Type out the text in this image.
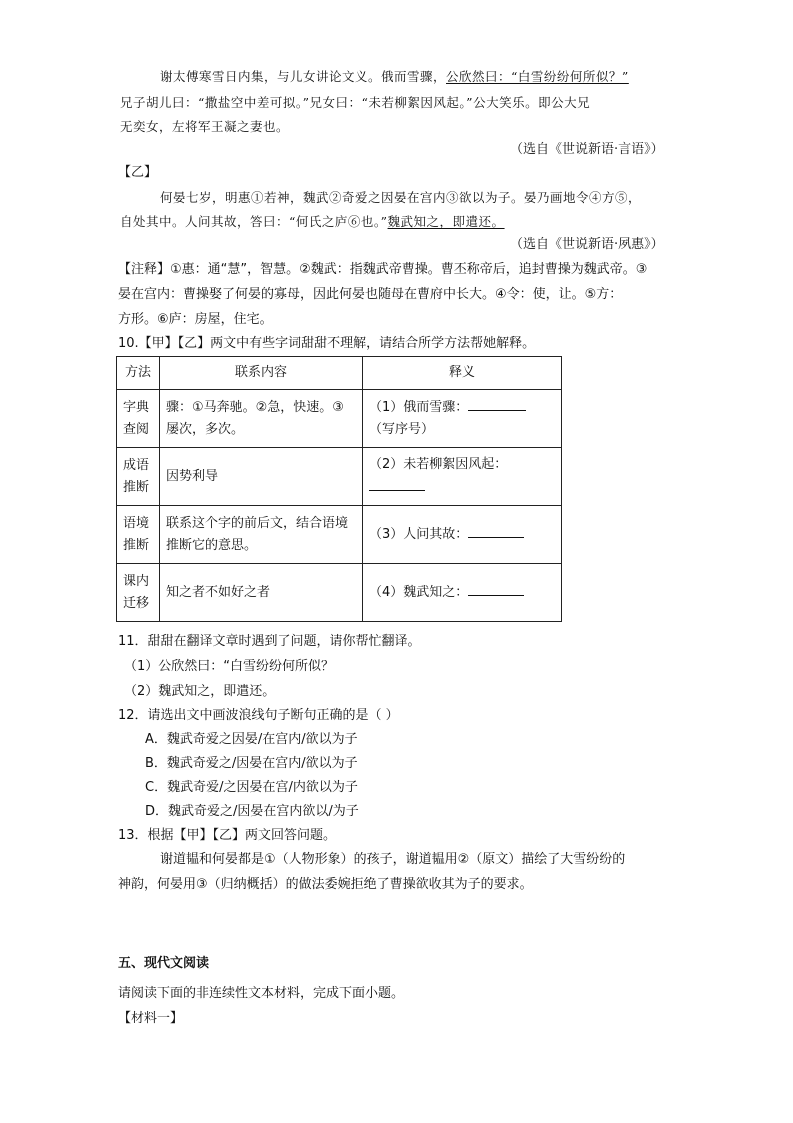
谢太傅寒雪日内集，与儿女讲论文义。俄而雪骤，公欣然曰：“白雪纷纷何所似？”
兄子胡儿曰：“撒盐空中差可拟。”兄女曰：“未若柳絮因风起。”公大笑乐。即公大兄
无奕女，左将军王凝之妻也。
（选自《世说新语·言语》）
【乙】
何晏七岁，明惠①若神，魏武②奇爱之因晏在宫内③欲以为子。晏乃画地令④方⑤，
自处其中。人问其故，答曰：“何氏之庐⑥也。”魏武知之，即遣还。
（选自《世说新语·夙惠》）
【注释】①惠：通“慧”，智慧。②魏武：指魏武帝曹操。曹丕称帝后，追封曹操为魏武帝。③
晏在宫内：曹操娶了何晏的寡母，因此何晏也随母在曹府中长大。④令：使，让。⑤方：
方形。⑥庐：房屋，住宅。
10.【甲】【乙】两文中有些字词甜甜不理解，请结合所学方法帮她解释。
方法	联系内容	释义
字典查阅	骤：①马奔驰。②急，快速。③屡次，多次。	（1）俄而雪骤：
（写序号）

成语推断	因势利导	（2）未若柳絮因风起：

语境推断	联系这个字的前后文，结合语境推断它的意思。	（3）人问其故：
课内迁移	知之者不如好之者	（4）魏武知之：
11．甜甜在翻译文章时遇到了问题，请你帮忙翻译。
（1）公欣然曰：“白雪纷纷何所似？
（2）魏武知之，即遣还。
12．请选出文中画波浪线句子断句正确的是（ ）
A．魏武奇爱之因晏/在宫内/欲以为子
B．魏武奇爱之/因晏在宫内/欲以为子
C．魏武奇爱/之因晏在宫/内欲以为子
D．魏武奇爱之/因晏在宫内欲以/为子
13．根据【甲】【乙】两文回答问题。
谢道韫和何晏都是①（人物形象）的孩子，谢道韫用②（原文）描绘了大雪纷纷的
神韵，何晏用③（归纳概括）的做法委婉拒绝了曹操欲收其为子的要求。
五、现代文阅读
请阅读下面的非连续性文本材料，完成下面小题。
【材料一】
